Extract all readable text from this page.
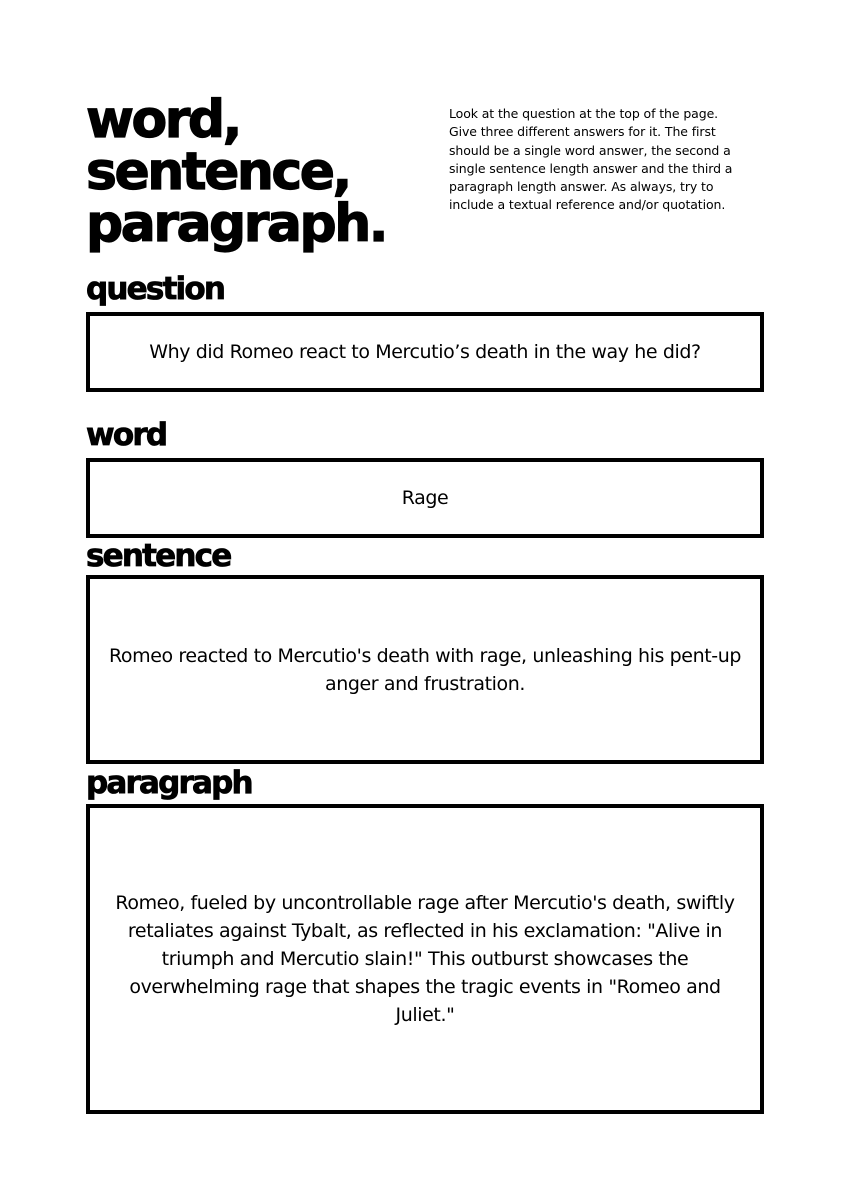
word,
sentence,
paragraph.

Look at the question at the top of the page. Give three different answers for it. The first should be a single word answer, the second a single sentence length answer and the third a paragraph length answer. As always, try to include a textual reference and/or quotation.

question

Why did Romeo react to Mercutio’s death in the way he did?

word

Rage

sentence

Romeo reacted to Mercutio's death with rage, unleashing his pent-up anger and frustration.

paragraph

Romeo, fueled by uncontrollable rage after Mercutio's death, swiftly retaliates against Tybalt, as reflected in his exclamation: "Alive in triumph and Mercutio slain!" This outburst showcases the overwhelming rage that shapes the tragic events in "Romeo and Juliet."
